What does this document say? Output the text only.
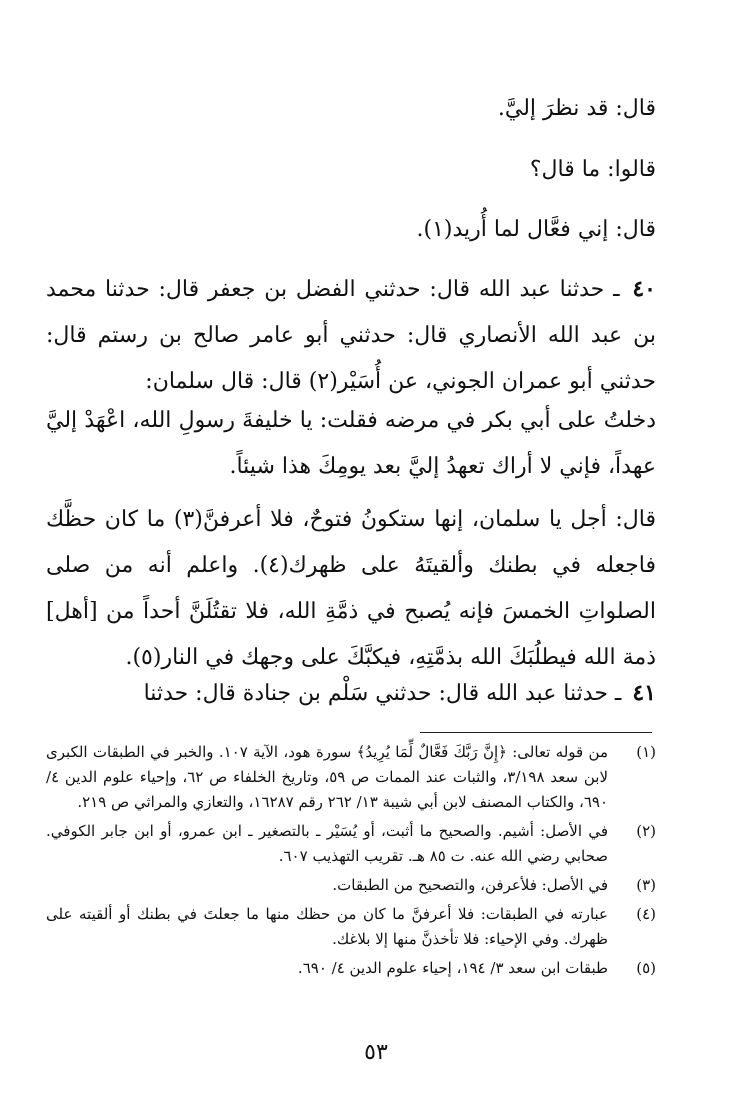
قال: قد نظرَ إليَّ.
قالوا: ما قال؟
قال: إني فعَّال لما أُريد(١).
٤٠ ـ حدثنا عبد الله قال: حدثني الفضل بن جعفر قال: حدثنا محمد بن عبد الله الأنصاري قال: حدثني أبو عامر صالح بن رستم قال: حدثني أبو عمران الجوني، عن أُسَيْر(٢) قال: قال سلمان:
دخلتُ على أبي بكر في مرضه فقلت: يا خليفةَ رسولِ الله، اعْهَدْ إليَّ عهداً، فإني لا أراك تعهدُ إليَّ بعد يومِكَ هذا شيئاً.
قال: أجل يا سلمان، إنها ستكونُ فتوحٌ، فلا أعرفنَّ(٣) ما كان حظَّك فاجعله في بطنك وألقيتَهُ على ظهرك(٤). واعلم أنه من صلى الصلواتِ الخمسَ فإنه يُصبح في ذمَّةِ الله، فلا تقتُلَنَّ أحداً من [أهل] ذمة الله فيطلُبَكَ الله بذمَّتِهِ، فيكبَّكَ على وجهك في النار(٥).
٤١ ـ حدثنا عبد الله قال: حدثني سَلْم بن جنادة قال: حدثنا
(١)
من قوله تعالى: ﴿إِنَّ رَبَّكَ فَعَّالٌ لِّمَا يُرِيدُ﴾ سورة هود، الآية ١٠٧. والخبر في الطبقات الكبرى لابن سعد ٣/١٩٨، والثبات عند الممات ص ٥٩، وتاريخ الخلفاء ص ٦٢، وإحياء علوم الدين ٤/ ٦٩٠، والكتاب المصنف لابن أبي شيبة ١٣/ ٢٦٢ رقم ١٦٢٨٧، والتعازي والمراثي ص ٢١٩.
(٢)
في الأصل: أشيم. والصحيح ما أثبت، أو يُسَيْر ـ بالتصغير ـ ابن عمرو، أو ابن جابر الكوفي. صحابي رضي الله عنه. ت ٨٥ هـ. تقريب التهذيب ٦٠٧.
(٣)
في الأصل: فلأعرفن، والتصحيح من الطبقات.
(٤)
عبارته في الطبقات: فلا أعرفنَّ ما كان من حظك منها ما جعلتَ في بطنك أو ألقيته على ظهرك. وفي الإحياء: فلا تأخذنَّ منها إلا بلاغك.
(٥)
طبقات ابن سعد ٣/ ١٩٤، إحياء علوم الدين ٤/ ٦٩٠.
٥٣
